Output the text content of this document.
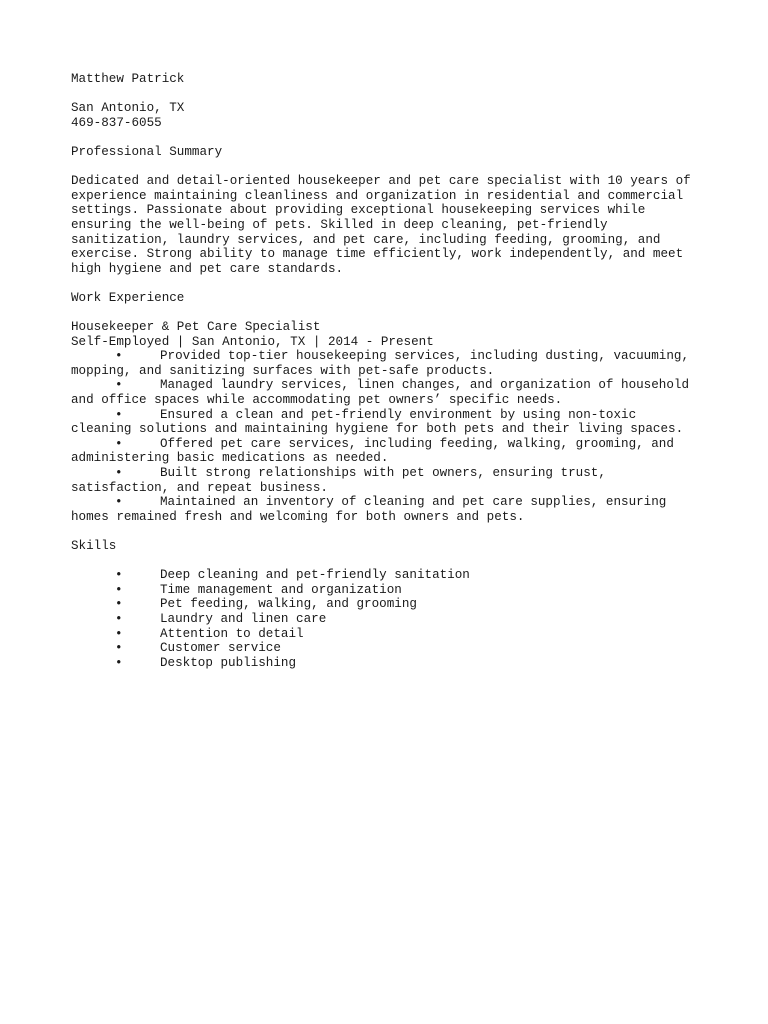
Matthew Patrick

San Antonio, TX

469-837-6055

Professional Summary

Dedicated and detail-oriented housekeeper and pet care specialist with 10 years of

experience maintaining cleanliness and organization in residential and commercial

settings. Passionate about providing exceptional housekeeping services while

ensuring the well-being of pets. Skilled in deep cleaning, pet-friendly

sanitization, laundry services, and pet care, including feeding, grooming, and

exercise. Strong ability to manage time efficiently, work independently, and meet

high hygiene and pet care standards.

Work Experience

Housekeeper & Pet Care Specialist

Self-Employed | San Antonio, TX | 2014 - Present

•	Provided top-tier housekeeping services, including dusting, vacuuming,

mopping, and sanitizing surfaces with pet-safe products.

•	Managed laundry services, linen changes, and organization of household

and office spaces while accommodating pet owners’ specific needs.

•	Ensured a clean and pet-friendly environment by using non-toxic

cleaning solutions and maintaining hygiene for both pets and their living spaces.

•	Offered pet care services, including feeding, walking, grooming, and

administering basic medications as needed.

•	Built strong relationships with pet owners, ensuring trust,

satisfaction, and repeat business.

•	Maintained an inventory of cleaning and pet care supplies, ensuring

homes remained fresh and welcoming for both owners and pets.

Skills

•	Deep cleaning and pet-friendly sanitation
•	Time management and organization
•	Pet feeding, walking, and grooming
•	Laundry and linen care
•	Attention to detail
•	Customer service
•	Desktop publishing
